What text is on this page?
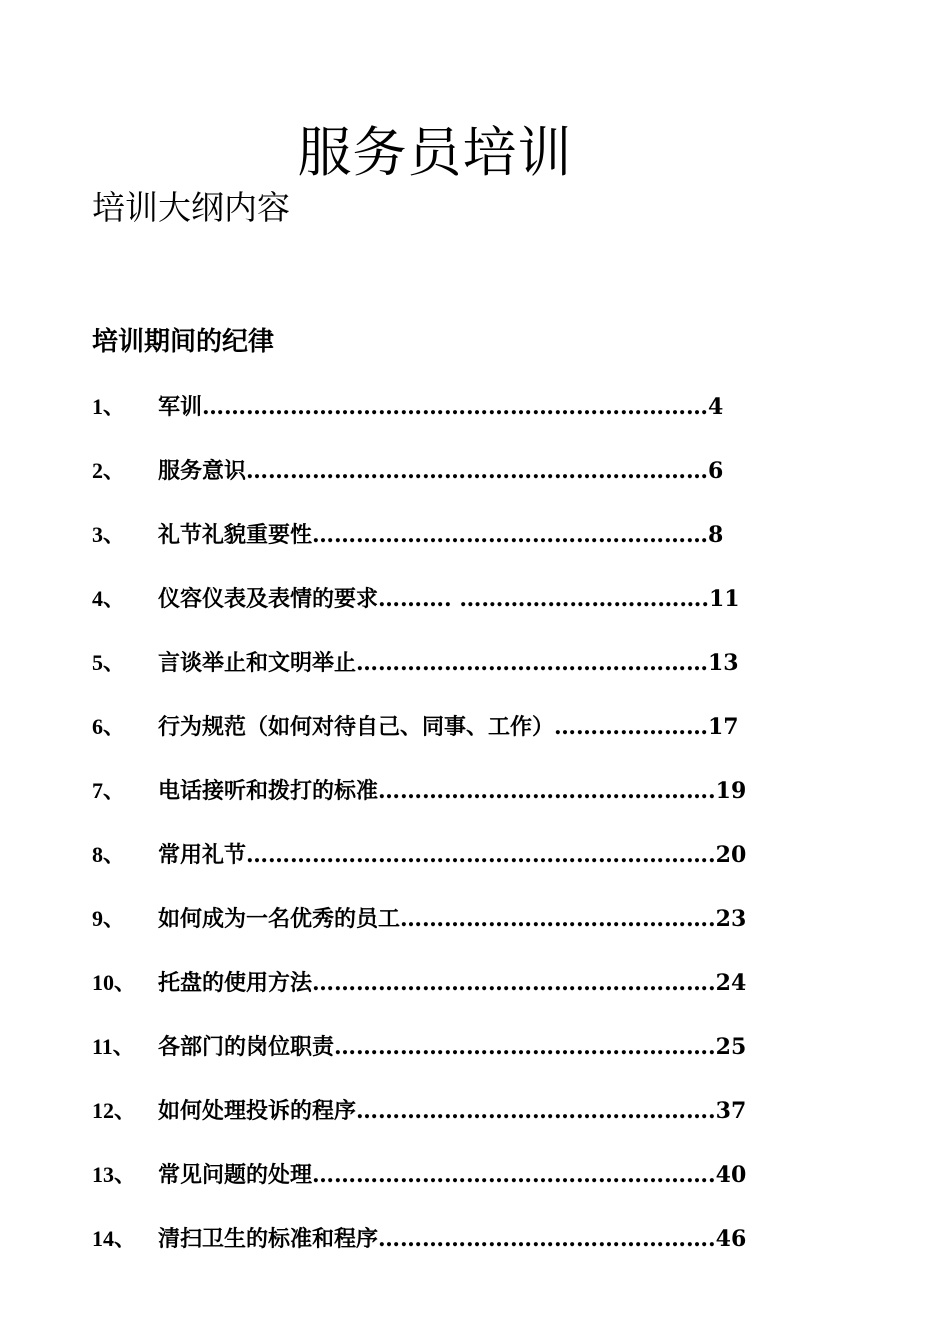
服务员培训
培训大纲内容
培训期间的纪律
1、 军训……………………………………………………………4
2、 服务意识………………………………………………………6
3、 礼节礼貌重要性………………………………………………8
4、 仪容仪表及表情的要求………. …………………………….11
5、 言谈举止和文明举止…………………………………………13
6、 行为规范（如何对待自己、同事、工作）…………………17
7、 电话接听和拨打的标准……………………………………….19
8、 常用礼节……………………………………………………….20
9、 如何成为一名优秀的员工…………………………………….23
10、 托盘的使用方法……………………………………………….24
11、 各部门的岗位职责…………………………………………….25
12、 如何处理投诉的程序………………………………………….37
13、 常见问题的处理……………………………………………….40
14、 清扫卫生的标准和程序……………………………………….46
